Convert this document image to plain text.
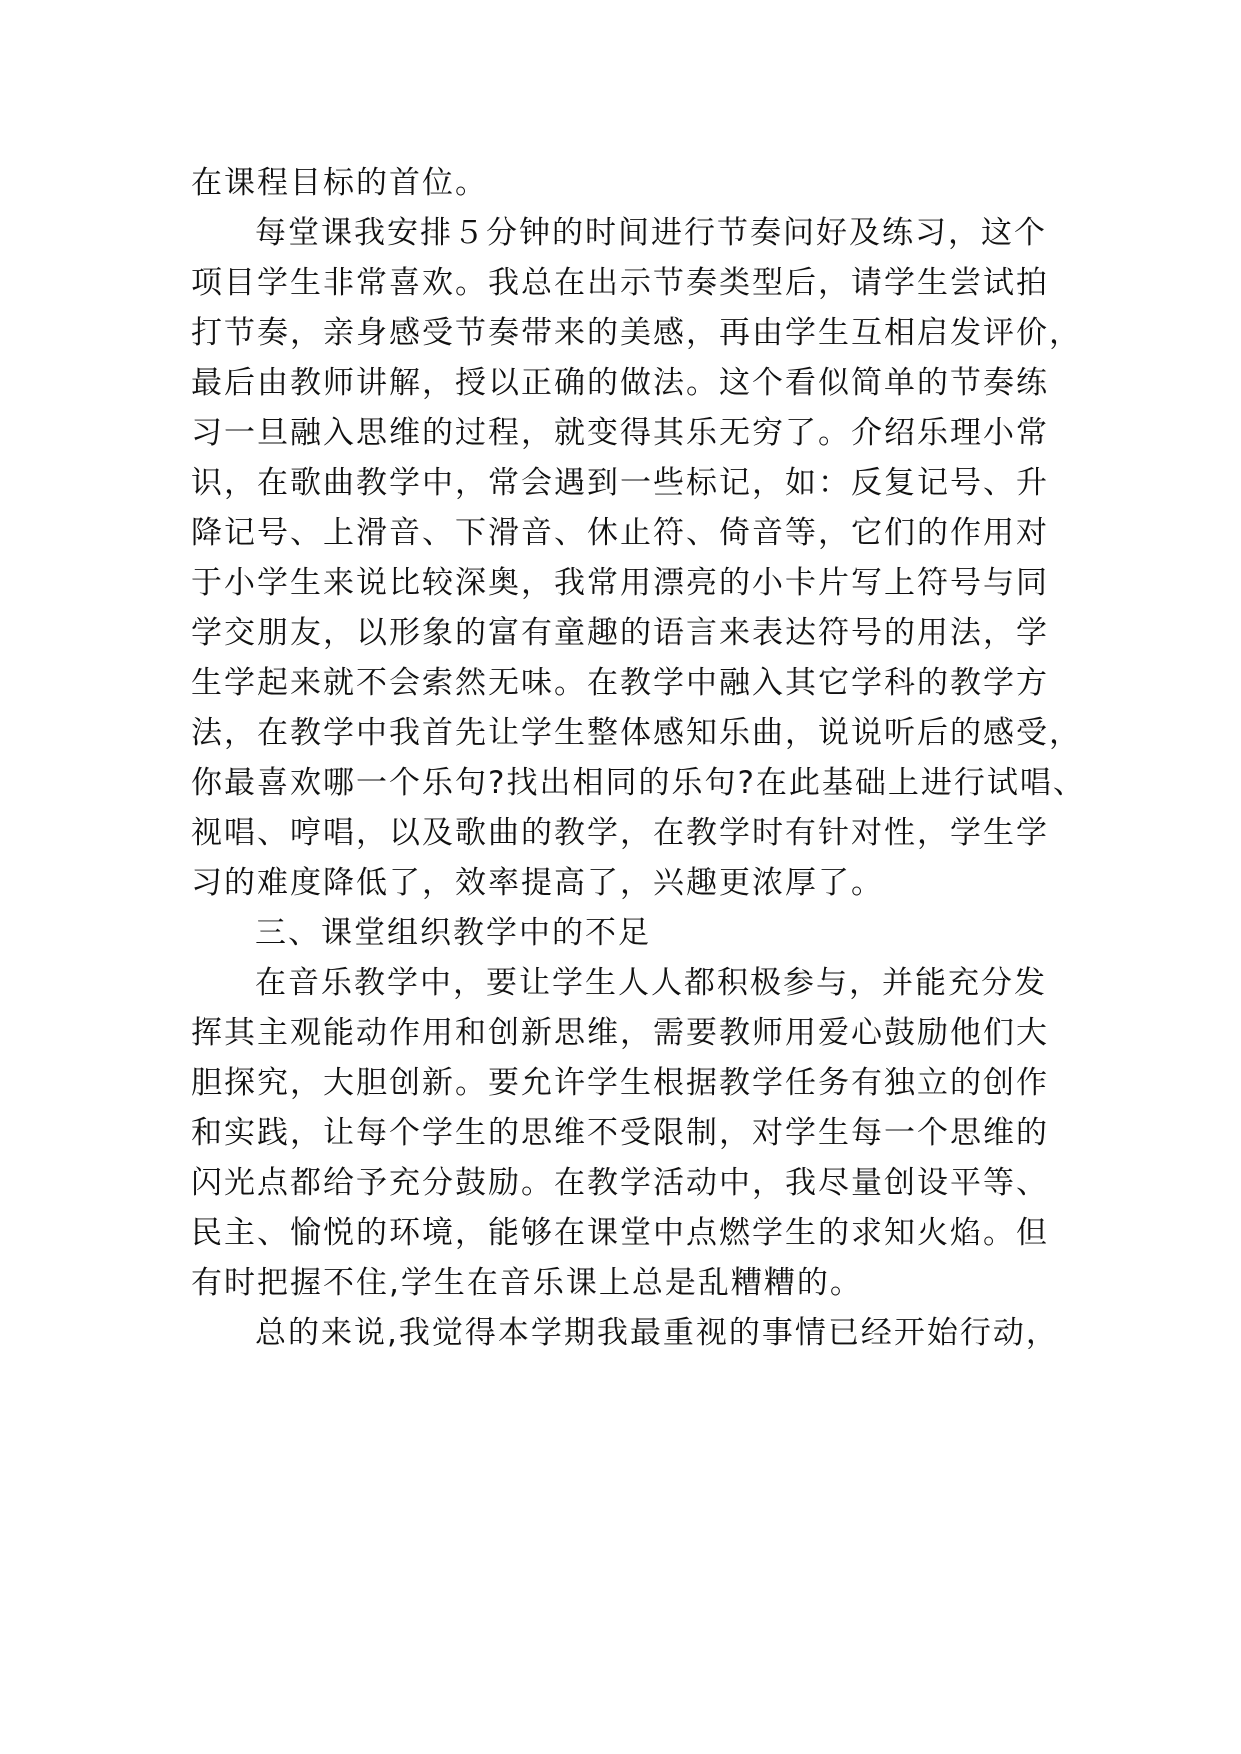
在课程目标的首位。
每堂课我安排５分钟的时间进行节奏问好及练习，这个
项目学生非常喜欢。我总在出示节奏类型后，请学生尝试拍
打节奏，亲身感受节奏带来的美感，再由学生互相启发评价，
最后由教师讲解，授以正确的做法。这个看似简单的节奏练
习一旦融入思维的过程，就变得其乐无穷了。介绍乐理小常
识，在歌曲教学中，常会遇到一些标记，如：反复记号、升
降记号、上滑音、下滑音、休止符、倚音等，它们的作用对
于小学生来说比较深奥，我常用漂亮的小卡片写上符号与同
学交朋友，以形象的富有童趣的语言来表达符号的用法，学
生学起来就不会索然无味。在教学中融入其它学科的教学方
法，在教学中我首先让学生整体感知乐曲，说说听后的感受，
你最喜欢哪一个乐句?找出相同的乐句?在此基础上进行试唱、
视唱、哼唱，以及歌曲的教学，在教学时有针对性，学生学
习的难度降低了，效率提高了，兴趣更浓厚了。
三、课堂组织教学中的不足
在音乐教学中，要让学生人人都积极参与，并能充分发
挥其主观能动作用和创新思维，需要教师用爱心鼓励他们大
胆探究，大胆创新。要允许学生根据教学任务有独立的创作
和实践，让每个学生的思维不受限制，对学生每一个思维的
闪光点都给予充分鼓励。在教学活动中，我尽量创设平等、
民主、愉悦的环境，能够在课堂中点燃学生的求知火焰。但
有时把握不住,学生在音乐课上总是乱糟糟的。
总的来说,我觉得本学期我最重视的事情已经开始行动，
